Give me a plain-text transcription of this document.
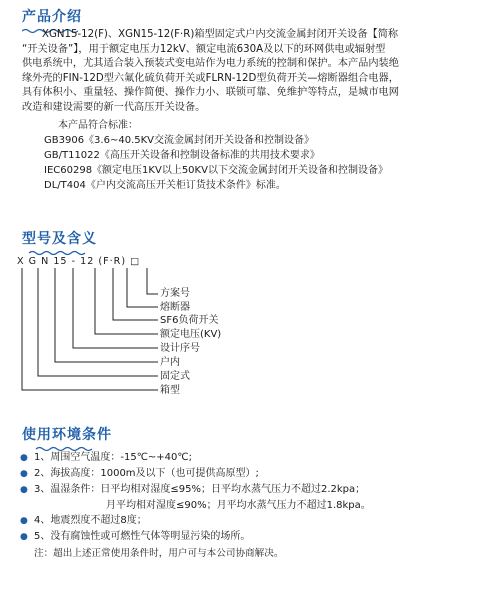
产品介绍
XGN15-12(F)、XGN15-12(F·R)箱型固定式户内交流金属封闭开关设备【简称
“开关设备”】，用于额定电压力12kV、额定电流630A及以下的环网供电或辐射型
供电系统中，尤其适合装入预装式变电站作为电力系统的控制和保护。本产品内装绝
缘外壳的FIN-12D型六氟化硫负荷开关或FLRN-12D型负荷开关—熔断器组合电器，
具有体积小、重量轻、操作简便、操作力小、联锁可靠、免维护等特点，是城市电网
改造和建设需要的新一代高压开关设备。
本产品符合标准：
GB3906《3.6~40.5KV交流金属封闭开关设备和控制设备》
GB/T11022《高压开关设备和控制设备标准的共用技术要求》
IEC60298《额定电压1KV以上50KV以下交流金属封闭开关设备和控制设备》
DL/T404《户内交流高压开关柜订货技术条件》标准。
型号及含义
X G N 15 - 12 (F·R) □
方案号
熔断器
SF6负荷开关
额定电压(KV)
设计序号
户内
固定式
箱型
使用环境条件
● 1、周围空气温度：-15℃~+40℃;
● 2、海拔高度：1000m及以下（也可提供高原型）;
● 3、温湿条件：日平均相对湿度≤95%；日平均水蒸气压力不超过2.2kpa；
月平均相对湿度≤90%；月平均水蒸气压力不超过1.8kpa。
● 4、地震烈度不超过8度；
● 5、没有腐蚀性或可燃性气体等明显污染的场所。
注：超出上述正常使用条件时，用户可与本公司协商解决。
